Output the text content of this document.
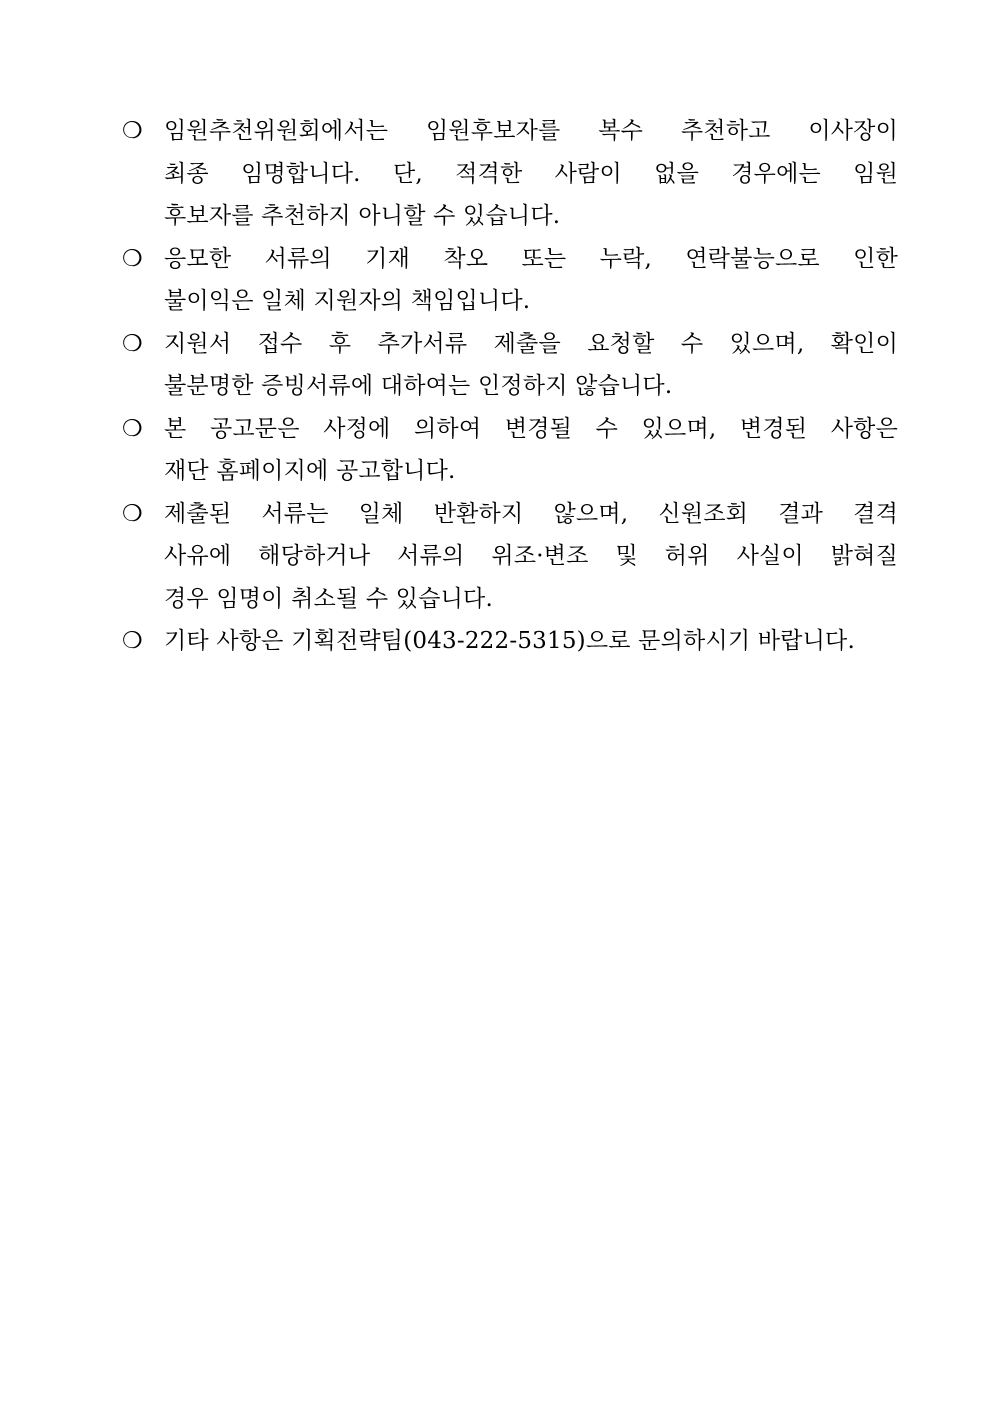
❍ 임원추천위원회에서는 임원후보자를 복수 추천하고 이사장이
최종 임명합니다. 단, 적격한 사람이 없을 경우에는 임원
후보자를 추천하지 아니할 수 있습니다.
❍ 응모한 서류의 기재 착오 또는 누락, 연락불능으로 인한
불이익은 일체 지원자의 책임입니다.
❍ 지원서 접수 후 추가서류 제출을 요청할 수 있으며, 확인이
불분명한 증빙서류에 대하여는 인정하지 않습니다.
❍ 본 공고문은 사정에 의하여 변경될 수 있으며, 변경된 사항은
재단 홈페이지에 공고합니다.
❍ 제출된 서류는 일체 반환하지 않으며, 신원조회 결과 결격
사유에 해당하거나 서류의 위조·변조 및 허위 사실이 밝혀질
경우 임명이 취소될 수 있습니다.
❍ 기타 사항은 기획전략팀(043-222-5315)으로 문의하시기 바랍니다.
